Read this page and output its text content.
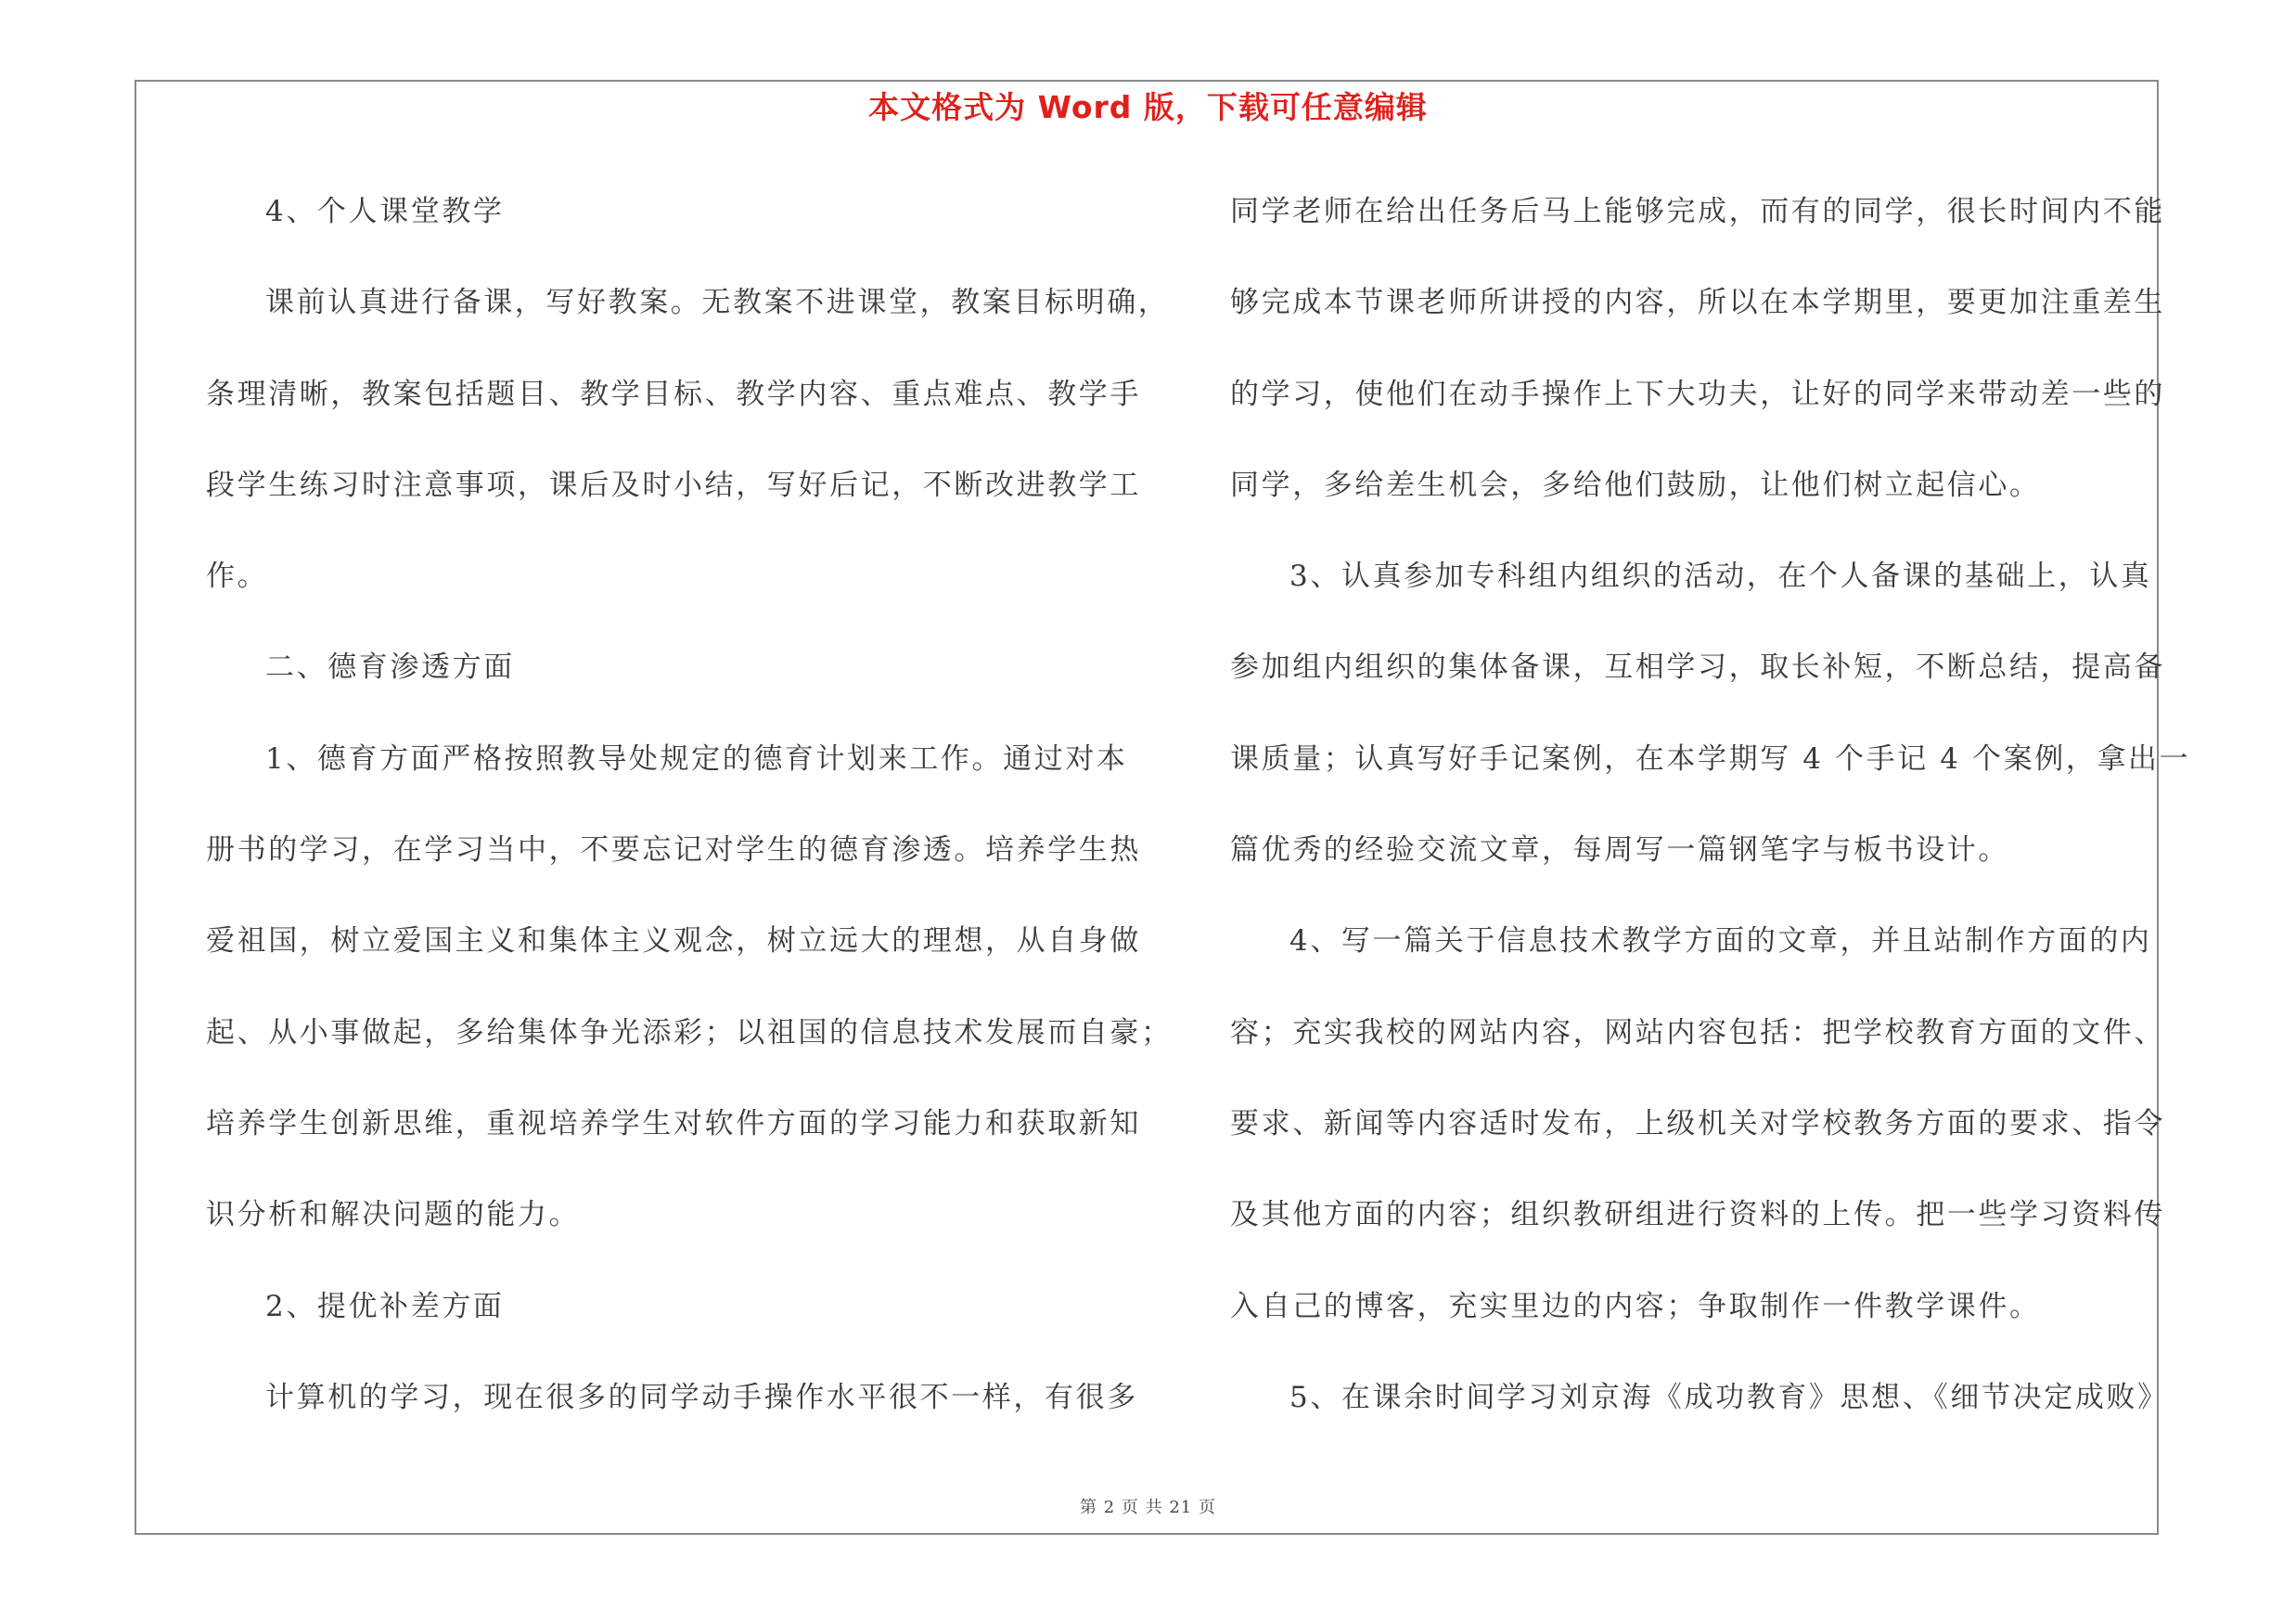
本文格式为 Word 版，下载可任意编辑
4、个人课堂教学
课前认真进行备课，写好教案。无教案不进课堂，教案目标明确，
条理清晰，教案包括题目、教学目标、教学内容、重点难点、教学手
段学生练习时注意事项，课后及时小结，写好后记，不断改进教学工
作。
二、德育渗透方面
1、德育方面严格按照教导处规定的德育计划来工作。通过对本
册书的学习，在学习当中，不要忘记对学生的德育渗透。培养学生热
爱祖国，树立爱国主义和集体主义观念，树立远大的理想，从自身做
起、从小事做起，多给集体争光添彩；以祖国的信息技术发展而自豪；
培养学生创新思维，重视培养学生对软件方面的学习能力和获取新知
识分析和解决问题的能力。
2、提优补差方面
计算机的学习，现在很多的同学动手操作水平很不一样，有很多
同学老师在给出任务后马上能够完成，而有的同学，很长时间内不能
够完成本节课老师所讲授的内容，所以在本学期里，要更加注重差生
的学习，使他们在动手操作上下大功夫，让好的同学来带动差一些的
同学，多给差生机会，多给他们鼓励，让他们树立起信心。
3、认真参加专科组内组织的活动，在个人备课的基础上，认真
参加组内组织的集体备课，互相学习，取长补短，不断总结，提高备
课质量；认真写好手记案例，在本学期写 4 个手记 4 个案例，拿出一
篇优秀的经验交流文章，每周写一篇钢笔字与板书设计。
4、写一篇关于信息技术教学方面的文章，并且站制作方面的内
容；充实我校的网站内容，网站内容包括：把学校教育方面的文件、
要求、新闻等内容适时发布，上级机关对学校教务方面的要求、指令
及其他方面的内容；组织教研组进行资料的上传。把一些学习资料传
入自己的博客，充实里边的内容；争取制作一件教学课件。
5、在课余时间学习刘京海《成功教育》思想、《细节决定成败》
第 2 页 共 21 页
